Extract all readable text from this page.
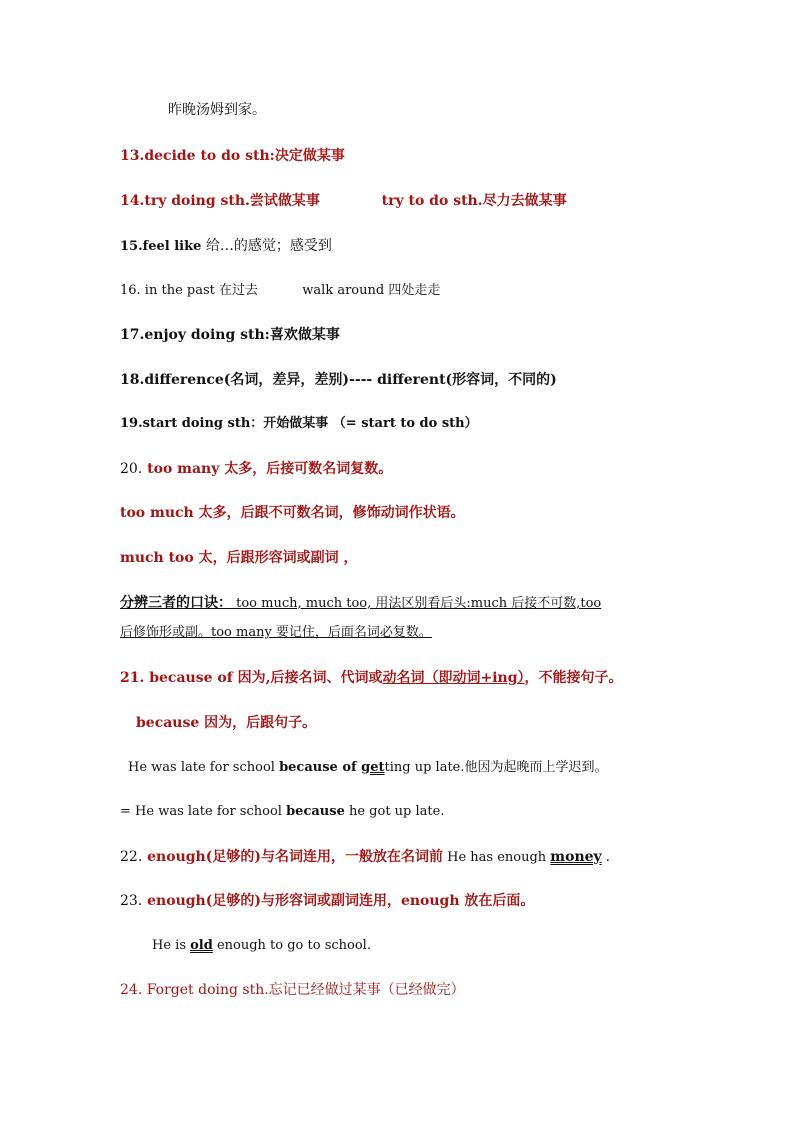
昨晚汤姆到家。
13.decide to do sth:决定做某事
14.try doing sth.尝试做某事	try to do sth.尽力去做某事
15.feel like 给…的感觉；感受到
16. in the past 在过去	walk around 四处走走
17.enjoy doing sth:喜欢做某事
18.difference(名词，差异，差别)---- different(形容词，不同的)
19.start doing sth：开始做某事 （= start to do sth）
20. too many 太多，后接可数名词复数。
too much 太多，后跟不可数名词，修饰动词作状语。
much too 太，后跟形容词或副词 ，
分辨三者的口诀： too much, much too, 用法区别看后头:much 后接不可数,too
后修饰形或副。too many 要记住，后面名词必复数。
21. because of 因为,后接名词、代词或动名词（即动词+ing），不能接句子。
because 因为，后跟句子。
He was late for school because of getting up late.他因为起晚而上学迟到。
= He was late for school because he got up late.
22. enough(足够的)与名词连用，一般放在名词前 He has enough money .
23. enough(足够的)与形容词或副词连用，enough 放在后面。
He is old enough to go to school.
24. Forget doing sth.忘记已经做过某事（已经做完）
